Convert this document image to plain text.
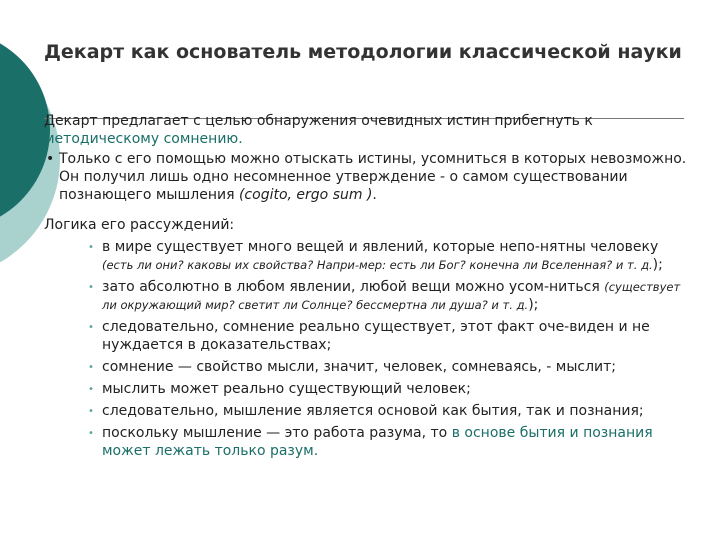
Декарт как основатель методологии классической науки

Декарт предлагает с целью обнаружения очевидных истин прибегнуть к методическому сомнению.

• Только с его помощью можно отыскать истины, усомниться в которых невозможно. Он получил лишь одно несомненное утверждение - о самом существовании познающего мышления (cogito, ergo sum ).

Логика его рассуждений:

• в мире существует много вещей и явлений, которые непо-нятны человеку (есть ли они? каковы их свойства? Напри-мер: есть ли Бог? конечна ли Вселенная? и т. д.);
• зато абсолютно в любом явлении, любой вещи можно усом-ниться (существует ли окружающий мир? светит ли Солнце? бессмертна ли душа? и т. д.);
• следовательно, сомнение реально существует, этот факт оче-виден и не нуждается в доказательствах;
• сомнение — свойство мысли, значит, человек, сомневаясь, - мыслит;
• мыслить может реально существующий человек;
• следовательно, мышление является основой как бытия, так и познания;
• поскольку мышление — это работа разума, то в основе бытия и познания может лежать только разум.
